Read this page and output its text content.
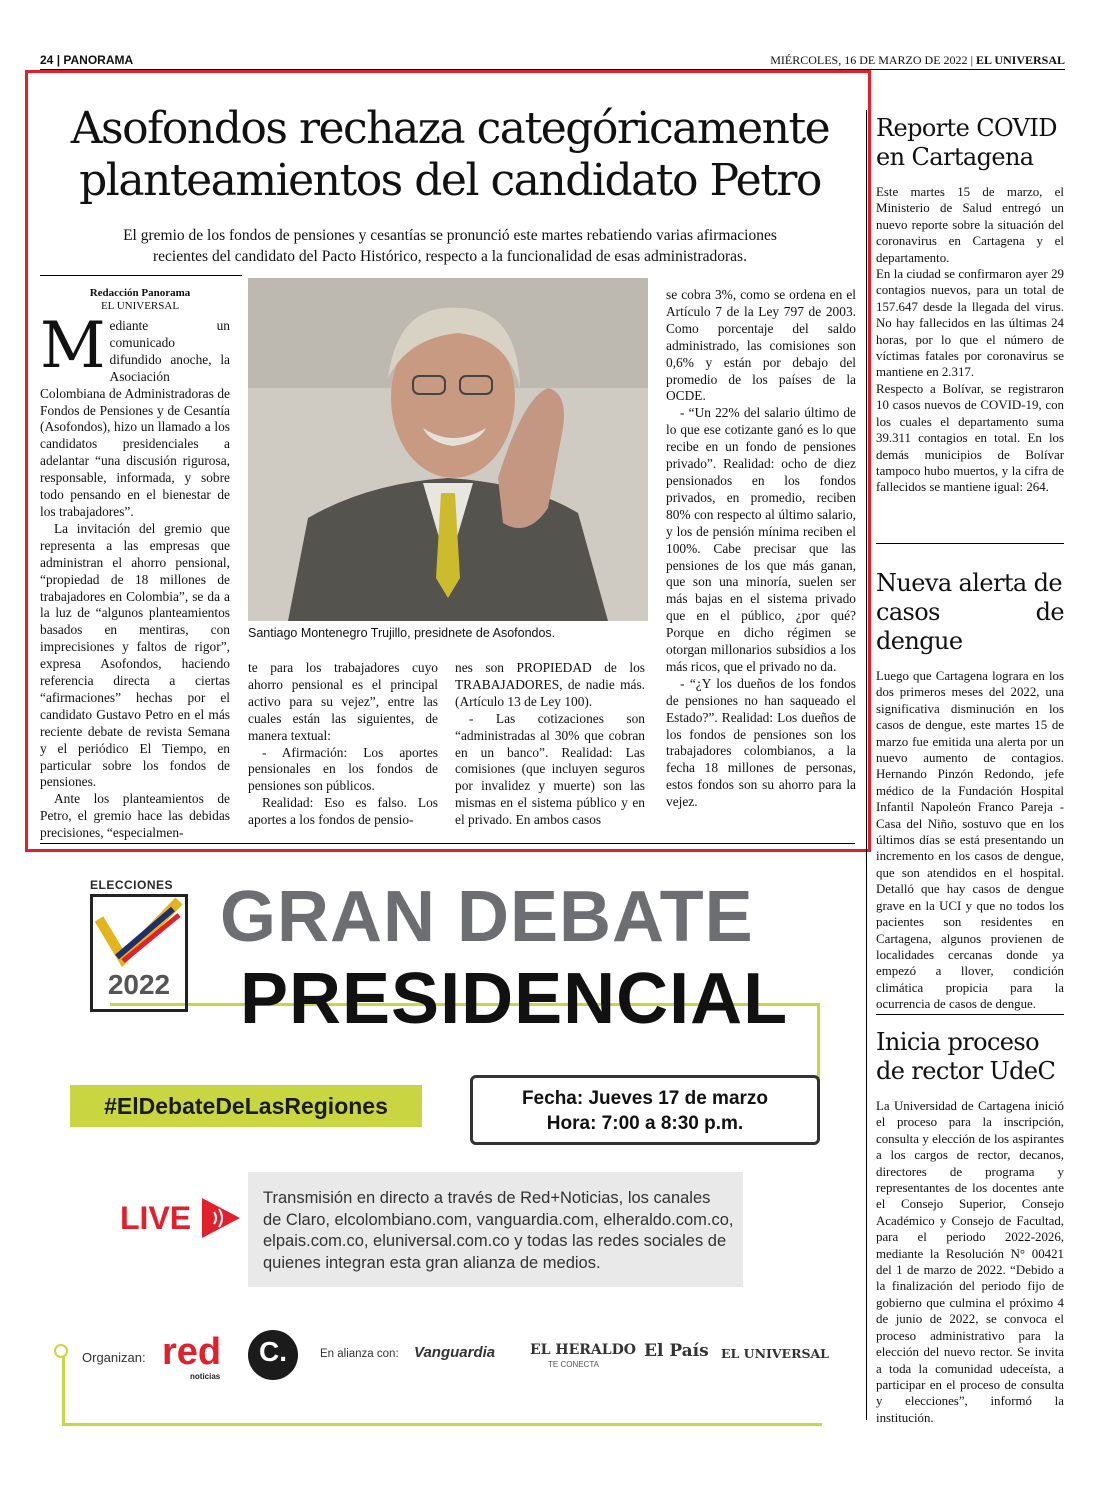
24 | PANORAMA	MIÉRCOLES, 16 DE MARZO DE 2022 | EL UNIVERSAL
Asofondos rechaza categóricamente
planteamientos del candidato Petro
El gremio de los fondos de pensiones y cesantías se pronunció este martes rebatiendo varias afirmaciones
recientes del candidato del Pacto Histórico, respecto a la funcionalidad de esas administradoras.
Redacción Panorama
EL UNIVERSAL

Mediante un comunicado difundido anoche, la Asociación Colombiana de Administradoras de Fondos de Pensiones y de Cesantía (Asofondos), hizo un llamado a los candidatos presidenciales a adelantar “una discusión rigurosa, responsable, informada, y sobre todo pensando en el bienestar de los trabajadores”.

La invitación del gremio que representa a las empresas que administran el ahorro pensional, “propiedad de 18 millones de trabajadores en Colombia”, se da a la luz de “algunos planteamientos basados en mentiras, con imprecisiones y faltos de rigor”, expresa Asofondos, haciendo referencia directa a ciertas “afirmaciones” hechas por el candidato Gustavo Petro en el más reciente debate de revista Semana y el periódico El Tiempo, en particular sobre los fondos de pensiones.

Ante los planteamientos de Petro, el gremio hace las debidas precisiones, “especialmen-

Santiago Montenegro Trujillo, presidnete de Asofondos.

te para los trabajadores cuyo ahorro pensional es el principal activo para su vejez”, entre las cuales están las siguientes, de manera textual:

- Afirmación: Los aportes pensionales en los fondos de pensiones son públicos.

Realidad: Eso es falso. Los aportes a los fondos de pensio-

nes son PROPIEDAD de los TRABAJADORES, de nadie más. (Artículo 13 de Ley 100).

- Las cotizaciones son “administradas al 30% que cobran en un banco”. Realidad: Las comisiones (que incluyen seguros por invalidez y muerte) son las mismas en el sistema público y en el privado. En ambos casos

se cobra 3%, como se ordena en el Artículo 7 de la Ley 797 de 2003. Como porcentaje del saldo administrado, las comisiones son 0,6% y están por debajo del promedio de los países de la OCDE.

- “Un 22% del salario último de lo que ese cotizante ganó es lo que recibe en un fondo de pensiones privado”. Realidad: ocho de diez pensionados en los fondos privados, en promedio, reciben 80% con respecto al último salario, y los de pensión mínima reciben el 100%. Cabe precisar que las pensiones de los que más ganan, que son una minoría, suelen ser más bajas en el sistema privado que en el público, ¿por qué? Porque en dicho régimen se otorgan millonarios subsidios a los más ricos, que el privado no da.

- “¿Y los dueños de los fondos de pensiones no han saqueado el Estado?”. Realidad: Los dueños de los fondos de pensiones son los trabajadores colombianos, a la fecha 18 millones de personas, estos fondos son su ahorro para la vejez.

Reporte COVID
en Cartagena
Este martes 15 de marzo, el Ministerio de Salud entregó un nuevo reporte sobre la situación del coronavirus en Cartagena y el departamento.
En la ciudad se confirmaron ayer 29 contagios nuevos, para un total de 157.647 desde la llegada del virus. No hay fallecidos en las últimas 24 horas, por lo que el número de víctimas fatales por coronavirus se mantiene en 2.317.
Respecto a Bolívar, se registraron 10 casos nuevos de COVID-19, con los cuales el departamento suma 39.311 contagios en total. En los demás municipios de Bolívar tampoco hubo muertos, y la cifra de fallecidos se mantiene igual: 264.
Nueva alerta de
casos de dengue
Luego que Cartagena lograra en los dos primeros meses del 2022, una significativa disminución en los casos de dengue, este martes 15 de marzo fue emitida una alerta por un nuevo aumento de contagios. Hernando Pinzón Redondo, jefe médico de la Fundación Hospital Infantil Napoleón Franco Pareja - Casa del Niño, sostuvo que en los últimos días se está presentando un incremento en los casos de dengue, que son atendidos en el hospital. Detalló que hay casos de dengue grave en la UCI y que no todos los pacientes son residentes en Cartagena, algunos provienen de localidades cercanas donde ya empezó a llover, condición climática propicia para la ocurrencia de casos de dengue.
Inicia proceso
de rector UdeC
La Universidad de Cartagena inició el proceso para la inscripción, consulta y elección de los aspirantes a los cargos de rector, decanos, directores de programa y representantes de los docentes ante el Consejo Superior, Consejo Académico y Consejo de Facultad, para el periodo 2022-2026, mediante la Resolución N° 00421 del 1 de marzo de 2022. “Debido a la finalización del periodo fijo de gobierno que culmina el próximo 4 de junio de 2022, se convoca el proceso administrativo para la elección del nuevo rector. Se invita a toda la comunidad udeceísta, a participar en el proceso de consulta y elecciones”, informó la institución.
ELECCIONES
2022
GRAN DEBATE
PRESIDENCIAL
#ElDebateDeLasRegiones	Fecha: Jueves 17 de marzo
Hora: 7:00 a 8:30 p.m.
LIVE
Transmisión en directo a través de Red+Noticias, los canales
de Claro, elcolombiano.com, vanguardia.com, elheraldo.com.co,
elpais.com.co, eluniversal.com.co y todas las redes sociales de
quienes integran esta gran alianza de medios.
Organizan: red
noticias
C.	En alianza con: Vanguardia EL HERALDO
TE CONECTA
El País EL UNIVERSAL
